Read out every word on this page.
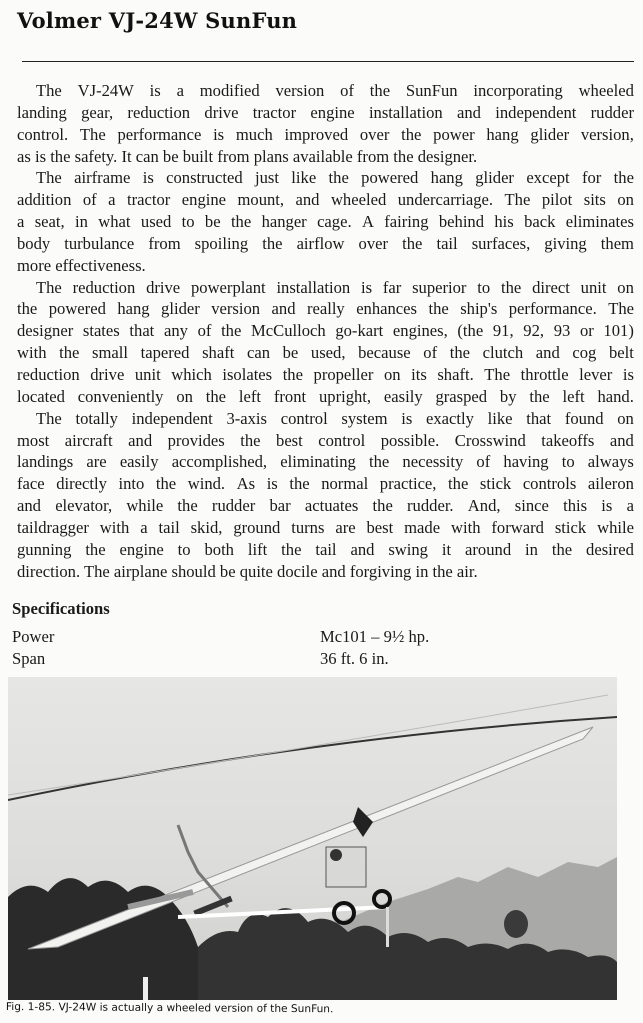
Volmer VJ-24W SunFun
The VJ-24W is a modified version of the SunFun incorporating wheeled
landing gear, reduction drive tractor engine installation and independent rudder
control. The performance is much improved over the power hang glider version,
as is the safety. It can be built from plans available from the designer.
The airframe is constructed just like the powered hang glider except for the
addition of a tractor engine mount, and wheeled undercarriage. The pilot sits on
a seat, in what used to be the hanger cage. A fairing behind his back eliminates
body turbulance from spoiling the airflow over the tail surfaces, giving them
more effectiveness.
The reduction drive powerplant installation is far superior to the direct unit on
the powered hang glider version and really enhances the ship's performance. The
designer states that any of the McCulloch go-kart engines, (the 91, 92, 93 or 101)
with the small tapered shaft can be used, because of the clutch and cog belt
reduction drive unit which isolates the propeller on its shaft. The throttle lever is
located conveniently on the left front upright, easily grasped by the left hand.
The totally independent 3-axis control system is exactly like that found on
most aircraft and provides the best control possible. Crosswind takeoffs and
landings are easily accomplished, eliminating the necessity of having to always
face directly into the wind. As is the normal practice, the stick controls aileron
and elevator, while the rudder bar actuates the rudder. And, since this is a
taildragger with a tail skid, ground turns are best made with forward stick while
gunning the engine to both lift the tail and swing it around in the desired
direction. The airplane should be quite docile and forgiving in the air.
Specifications
Power	Mc101 – 9½ hp.
Span	36 ft. 6 in.
Fig. 1-85. VJ-24W is actually a wheeled version of the SunFun.
